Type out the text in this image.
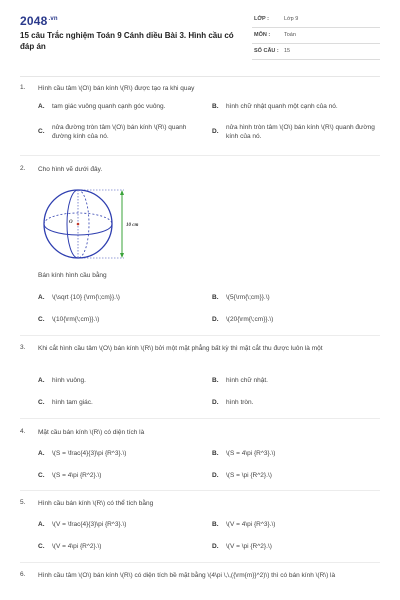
$2048^{.vn}$
15 câu Trắc nghiệm Toán 9 Cánh diều Bài 3. Hình cầu có đáp án
LỚP :	Lớp 9
MÔN :	Toán
SỐ CÂU : 15
1. Hình cầu tâm \(O\) bán kính \(R\) được tạo ra khi quay
A. tam giác vuông quanh cạnh góc vuông.	B. hình chữ nhật quanh một cạnh của nó.
C.
nửa đường tròn tâm \(O\) bán kính \(R\) quanh đường kính của nó.
D.
nửa hình tròn tâm \(O\) bán kính \(R\) quanh đường kính của nó.
2. Cho hình vẽ dưới đây.
O
10 cm
Bán kính hình cầu bằng
A. \(\sqrt {10} {\rm{\;cm}}.\)	B. \(5{\rm{\;cm}}.\)
C. \(10{\rm{\;cm}}.\)	D. \(20{\rm{\;cm}}.\)
3. Khi cắt hình cầu tâm \(O\) bán kính \(R\) bởi một mặt phẳng bất kỳ thì mặt cắt thu được luôn là một
A. hình vuông.	B. hình chữ nhật.
C. hình tam giác.	D. hình tròn.
4. Mặt cầu bán kính \(R\) có diện tích là
A. \(S = \frac{4}{3}\pi {R^3}.\)	B. \(S = 4\pi {R^3}.\)
C. \(S = 4\pi {R^2}.\)	D. \(S = \pi {R^2}.\)
5. Hình cầu bán kính \(R\) có thể tích bằng
A. \(V = \frac{4}{3}\pi {R^3}.\)	B. \(V = 4\pi {R^3}.\)
C. \(V = 4\pi {R^2}.\)	D. \(V = \pi {R^2}.\)
6. Hình cầu tâm \(O\) bán kính \(R\) có diện tích bề mặt bằng \(4\pi \,\,({\rm{m}}^2)\) thì có bán kính \(R\) là
